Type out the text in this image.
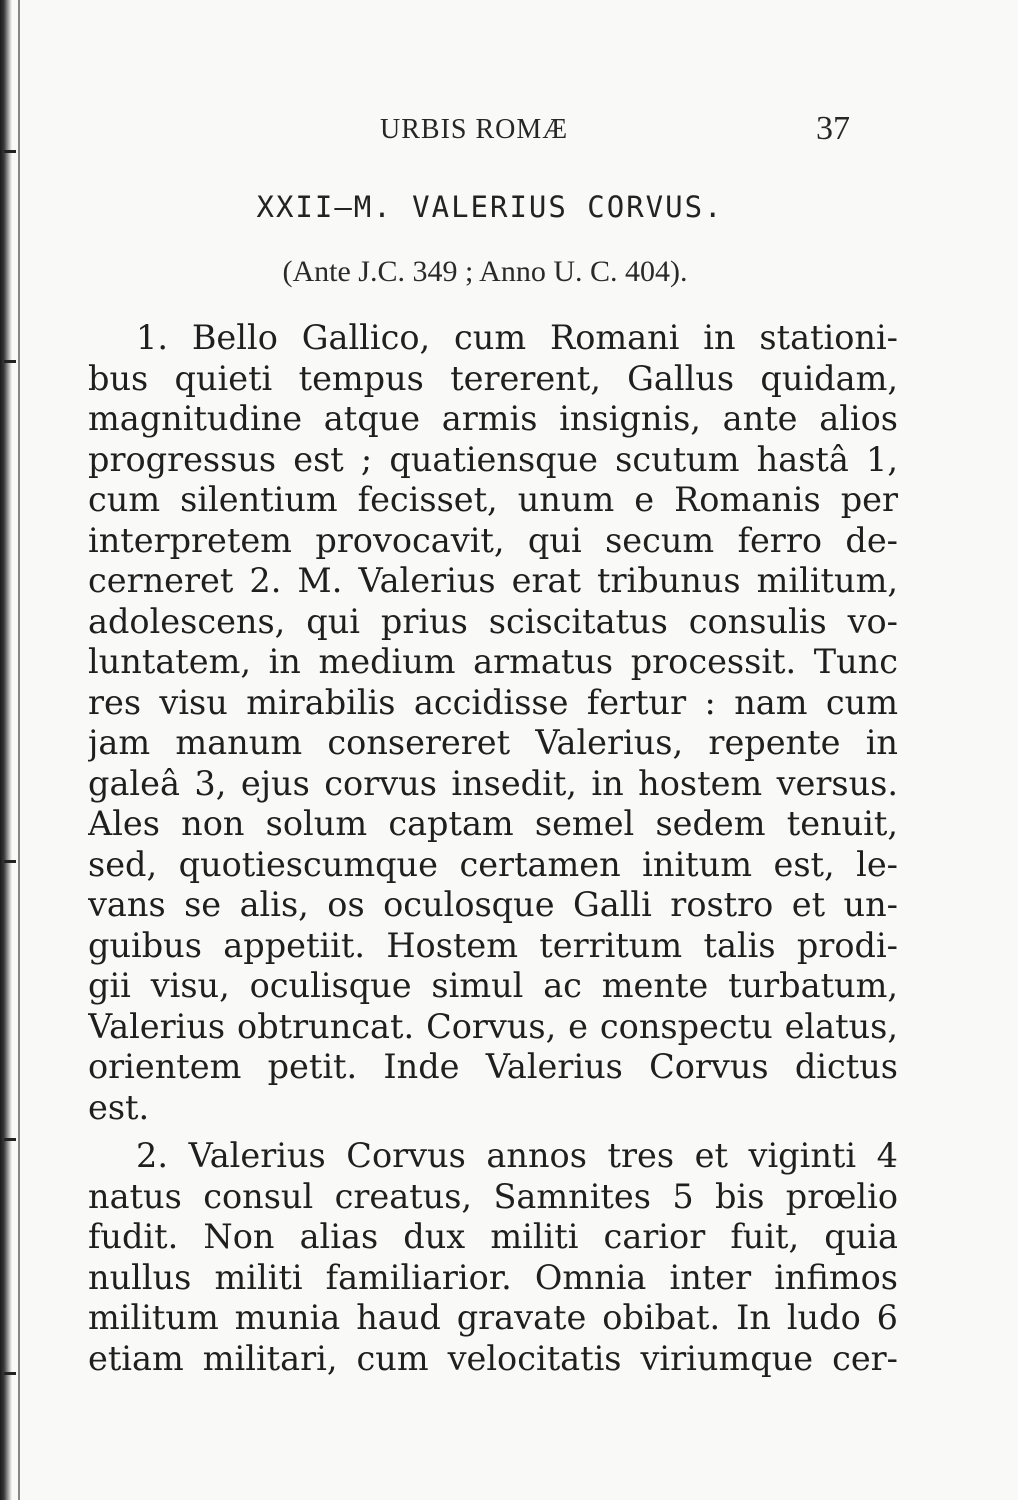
URBIS ROMÆ	37
XXII—M. VALERIUS CORVUS.
(Ante J.C. 349 ; Anno U. C. 404).
1. Bello Gallico, cum Romani in stationi-
bus quieti tempus tererent, Gallus quidam,
magnitudine atque armis insignis, ante alios
progressus est ; quatiensque scutum hastâ 1,
cum silentium fecisset, unum e Romanis per
interpretem provocavit, qui secum ferro de-
cerneret 2. M. Valerius erat tribunus militum,
adolescens, qui prius sciscitatus consulis vo-
luntatem, in medium armatus processit. Tunc
res visu mirabilis accidisse fertur : nam cum
jam manum consereret Valerius, repente in
galeâ 3, ejus corvus insedit, in hostem versus.
Ales non solum captam semel sedem tenuit,
sed, quotiescumque certamen initum est, le-
vans se alis, os oculosque Galli rostro et un-
guibus appetiit. Hostem territum talis prodi-
gii visu, oculisque simul ac mente turbatum,
Valerius obtruncat. Corvus, e conspectu elatus,
orientem petit. Inde Valerius Corvus dictus
est.
2. Valerius Corvus annos tres et viginti 4
natus consul creatus, Samnites 5 bis prœlio
fudit. Non alias dux militi carior fuit, quia
nullus militi familiarior. Omnia inter infimos
militum munia haud gravate obibat. In ludo 6
etiam militari, cum velocitatis viriumque cer-
